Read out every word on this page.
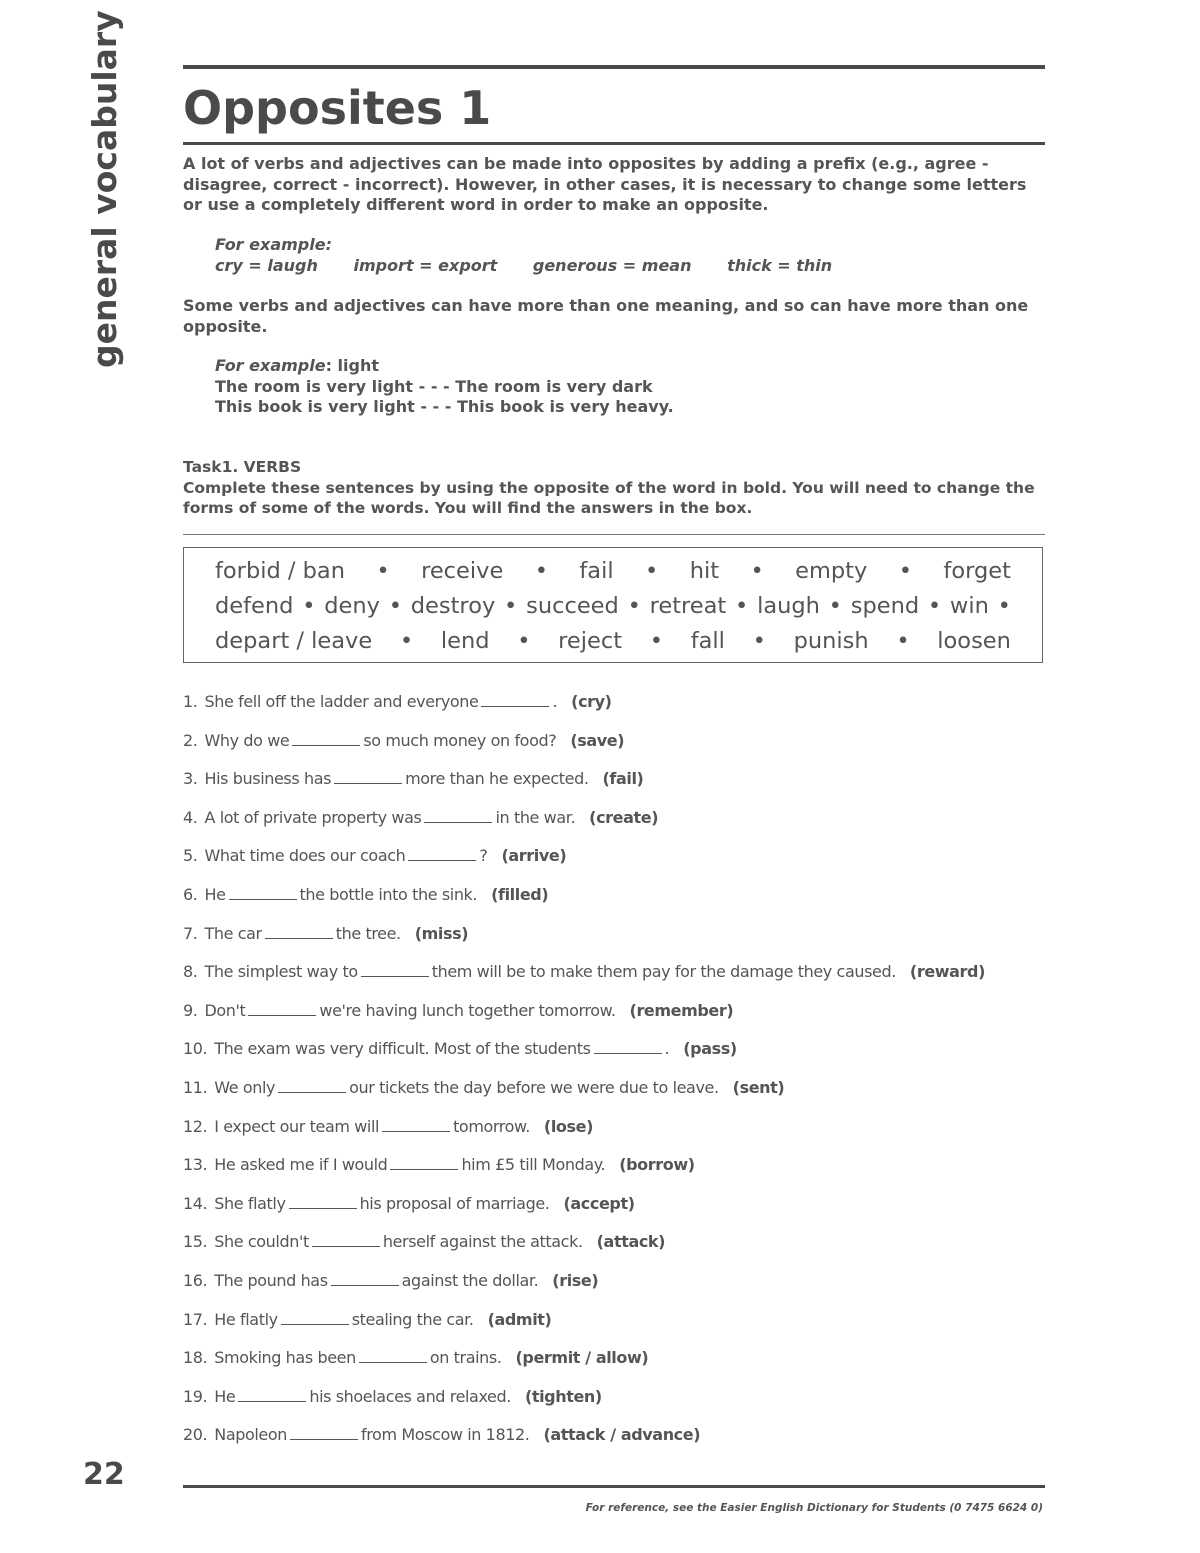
general vocabulary Opposites 1

A lot of verbs and adjectives can be made into opposites by adding a prefix (e.g., agree - disagree, correct - incorrect). However, in other cases, it is necessary to change some letters or use a completely different word in order to make an opposite.

For example:
cry = laugh import = export generous = mean thick = thin

Some verbs and adjectives can have more than one meaning, and so can have more than one opposite.

For example: light
The room is very light - - - The room is very dark
This book is very light - - - This book is very heavy.
Task1. VERBS
Complete these sentences by using the opposite of the word in bold. You will need to change the forms of some of the words. You will find the answers in the box.
forbid / ban • receive • fail • hit • empty • forget
defend • deny • destroy • succeed • retreat • laugh • spend • win •
depart / leave • lend • reject • fall • punish • loosen
1. She fell off the ladder and everyone	. (cry)
2. Why do we	so much money on food? (save)
3. His business has	more than he expected. (fail)
4. A lot of private property was	in the war. (create)
5. What time does our coach	? (arrive)
6. He	the bottle into the sink. (filled)
7. The car	the tree. (miss)
8. The simplest way to	them will be to make them pay for the damage they caused. (reward)
9. Don't	we're having lunch together tomorrow. (remember)
10. The exam was very difficult. Most of the students	. (pass)
11. We only	our tickets the day before we were due to leave. (sent)
12. I expect our team will	tomorrow. (lose)
13. He asked me if I would	him £5 till Monday. (borrow)
14. She flatly	his proposal of marriage. (accept)
15. She couldn't	herself against the attack. (attack)
16. The pound has	against the dollar. (rise)
17. He flatly	stealing the car. (admit)
18. Smoking has been	on trains. (permit / allow)
19. He	his shoelaces and relaxed. (tighten)
20. Napoleon	from Moscow in 1812. (attack / advance)
22
For reference, see the Easier English Dictionary for Students (0 7475 6624 0)
